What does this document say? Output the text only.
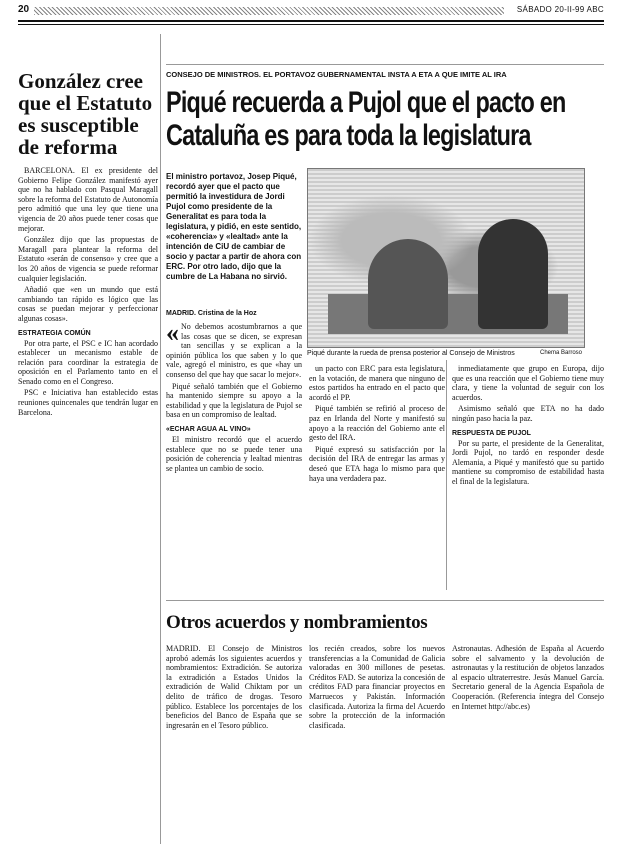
20	SÁBADO 20-II-99 ABC
González cree que el Estatuto es susceptible de reforma

BARCELONA. El ex presidente del Gobierno Felipe González manifestó ayer que no ha hablado con Pasqual Maragall sobre la reforma del Estatuto de Autonomía pero admitió que una ley que tiene una vigencia de 20 años puede tener cosas que mejorar.

González dijo que las propuestas de Maragall para plantear la reforma del Estatuto «serán de consenso» y cree que a los 20 años de vigencia se puede reformar cualquier legislación.

Añadió que «en un mundo que está cambiando tan rápido es lógico que las cosas se puedan mejorar y perfeccionar algunas cosas».

ESTRATEGIA COMÚN

Por otra parte, el PSC e IC han acordado establecer un mecanismo estable de relación para coordinar la estrategia de oposición en el Parlamento tanto en el Senado como en el Congreso.

PSC e Iniciativa han establecido estas reuniones quincenales que tendrán lugar en Barcelona.

CONSEJO DE MINISTROS. EL PORTAVOZ GUBERNAMENTAL INSTA A ETA A QUE IMITE AL IRA
Piqué recuerda a Pujol que el pacto en Cataluña es para toda la legislatura
El ministro portavoz, Josep Piqué, recordó ayer que el pacto que permitió la investidura de Jordi Pujol como presidente de la Generalitat es para toda la legislatura, y pidió, en este sentido, «coherencia» y «lealtad» ante la intención de CiU de cambiar de socio y pactar a partir de ahora con ERC. Por otro lado, dijo que la cumbre de La Habana no sirvió.
Piqué durante la rueda de prensa posterior al Consejo de Ministros	Chema Barroso
MADRID. Cristina de la Hoz
« No debemos acostumbrarnos a que las cosas que se dicen, se expresan tan sencillas y se explican a la opinión pública los que saben y lo que vale, agregó el ministro, es que «hay un consenso del que hay que sacar lo mejor».

Piqué señaló también que el Gobierno ha mantenido siempre su apoyo a la estabilidad y que la legislatura de Pujol se basa en un compromiso de lealtad.

«ECHAR AGUA AL VINO»

El ministro recordó que el acuerdo establece que no se puede tener una posición de coherencia y lealtad mientras se plantea un cambio de socio.

un pacto con ERC para esta legislatura, en la votación, de manera que ninguno de estos partidos ha entrado en el pacto que acordó el PP.

Piqué también se refirió al proceso de paz en Irlanda del Norte y manifestó su apoyo a la reacción del Gobierno ante el gesto del IRA.

Piqué expresó su satisfacción por la decisión del IRA de entregar las armas y deseó que ETA haga lo mismo para que haya una verdadera paz.

inmediatamente que grupo en Europa, dijo que es una reacción que el Gobierno tiene muy clara, y tiene la voluntad de seguir con los acuerdos.

Asimismo señaló que ETA no ha dado ningún paso hacia la paz.

RESPUESTA DE PUJOL

Por su parte, el presidente de la Generalitat, Jordi Pujol, no tardó en responder desde Alemania, a Piqué y manifestó que su partido mantiene su compromiso de estabilidad hasta el final de la legislatura.

Otros acuerdos y nombramientos
MADRID. El Consejo de Ministros aprobó además los siguientes acuerdos y nombramientos: Extradición. Se autoriza la extradición a Estados Unidos la extradición de Walid Chiktam por un delito de tráfico de drogas. Tesoro público. Establece los porcentajes de los beneficios del Banco de España que se ingresarán en el Tesoro público.
los recién creados, sobre los nuevos transferencias a la Comunidad de Galicia valoradas en 300 millones de pesetas. Créditos FAD. Se autoriza la concesión de créditos FAD para financiar proyectos en Marruecos y Pakistán. Información clasificada. Autoriza la firma del Acuerdo sobre la protección de la información clasificada.
Astronautas. Adhesión de España al Acuerdo sobre el salvamento y la devolución de astronautas y la restitución de objetos lanzados al espacio ultraterrestre. Jesús Manuel García. Secretario general de la Agencia Española de Cooperación. (Referencia íntegra del Consejo en Internet http://abc.es)
